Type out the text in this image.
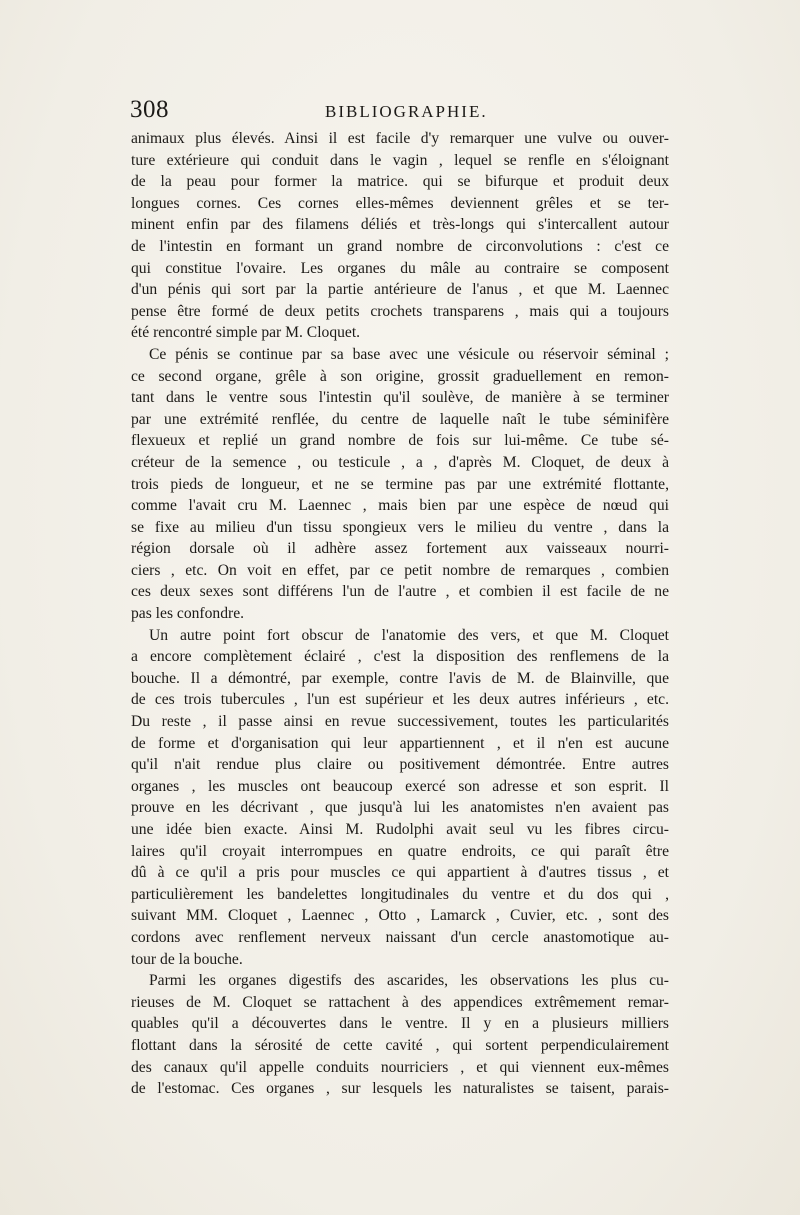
308	BIBLIOGRAPHIE.
animaux plus élevés. Ainsi il est facile d'y remarquer une vulve ou ouver-
ture extérieure qui conduit dans le vagin , lequel se renfle en s'éloignant
de la peau pour former la matrice. qui se bifurque et produit deux
longues cornes. Ces cornes elles-mêmes deviennent grêles et se ter-
minent enfin par des filamens déliés et très-longs qui s'intercallent autour
de l'intestin en formant un grand nombre de circonvolutions : c'est ce
qui constitue l'ovaire. Les organes du mâle au contraire se composent
d'un pénis qui sort par la partie antérieure de l'anus , et que M. Laennec
pense être formé de deux petits crochets transparens , mais qui a toujours
été rencontré simple par M. Cloquet.
Ce pénis se continue par sa base avec une vésicule ou réservoir séminal ;
ce second organe, grêle à son origine, grossit graduellement en remon-
tant dans le ventre sous l'intestin qu'il soulève, de manière à se terminer
par une extrémité renflée, du centre de laquelle naît le tube séminifère
flexueux et replié un grand nombre de fois sur lui-même. Ce tube sé-
créteur de la semence , ou testicule , a , d'après M. Cloquet, de deux à
trois pieds de longueur, et ne se termine pas par une extrémité flottante,
comme l'avait cru M. Laennec , mais bien par une espèce de nœud qui
se fixe au milieu d'un tissu spongieux vers le milieu du ventre , dans la
région dorsale où il adhère assez fortement aux vaisseaux nourri-
ciers , etc. On voit en effet, par ce petit nombre de remarques , combien
ces deux sexes sont différens l'un de l'autre , et combien il est facile de ne
pas les confondre.
Un autre point fort obscur de l'anatomie des vers, et que M. Cloquet
a encore complètement éclairé , c'est la disposition des renflemens de la
bouche. Il a démontré, par exemple, contre l'avis de M. de Blainville, que
de ces trois tubercules , l'un est supérieur et les deux autres inférieurs , etc.
Du reste , il passe ainsi en revue successivement, toutes les particularités
de forme et d'organisation qui leur appartiennent , et il n'en est aucune
qu'il n'ait rendue plus claire ou positivement démontrée. Entre autres
organes , les muscles ont beaucoup exercé son adresse et son esprit. Il
prouve en les décrivant , que jusqu'à lui les anatomistes n'en avaient pas
une idée bien exacte. Ainsi M. Rudolphi avait seul vu les fibres circu-
laires qu'il croyait interrompues en quatre endroits, ce qui paraît être
dû à ce qu'il a pris pour muscles ce qui appartient à d'autres tissus , et
particulièrement les bandelettes longitudinales du ventre et du dos qui ,
suivant MM. Cloquet , Laennec , Otto , Lamarck , Cuvier, etc. , sont des
cordons avec renflement nerveux naissant d'un cercle anastomotique au-
tour de la bouche.
Parmi les organes digestifs des ascarides, les observations les plus cu-
rieuses de M. Cloquet se rattachent à des appendices extrêmement remar-
quables qu'il a découvertes dans le ventre. Il y en a plusieurs milliers
flottant dans la sérosité de cette cavité , qui sortent perpendiculairement
des canaux qu'il appelle conduits nourriciers , et qui viennent eux-mêmes
de l'estomac. Ces organes , sur lesquels les naturalistes se taisent, parais-
